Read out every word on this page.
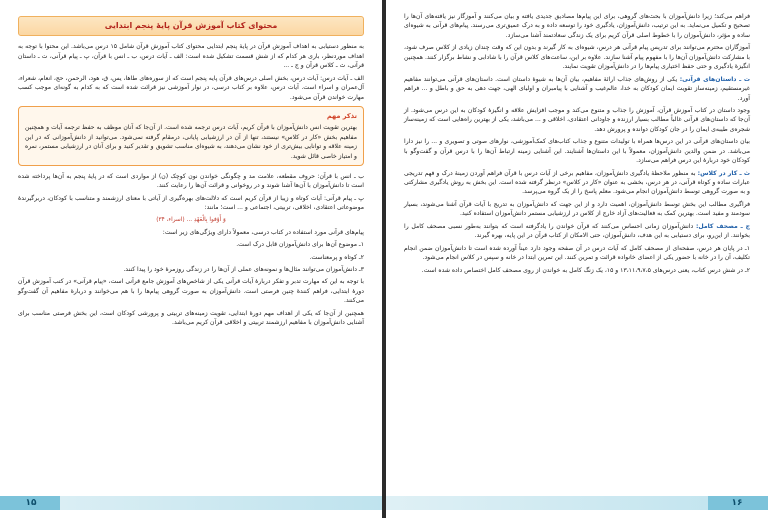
محتوای کتاب آموزش قرآن پایهٔ پنجم ابتدایی

به منظور دستیابی به اهداف آموزش قرآن در پایهٔ پنجم ابتدایی محتوای کتاب آموزش قرآن شامل ۱۵ درس می‌باشد. این محتوا با توجه به اهداف موردنظر، باری هر کدام که از شش قسمت تشکیل شده است: الف ـ آیات درس، ب ـ انس با قرآن، پ ـ پیام قرآنی، ت ـ داستان قرآنی، ث ـ کلاس قرآن و ج ـ ...

الف ـ آیات درس: آیات درس، بخش اصلی درس‌های قرآن پایه پنجم است که از سوره‌های طاها، یس، ق، هود، الرحمن، حج، انعام، شعراء، آل‌عمران و اسراء است. آیات درس، علاوه بر کتاب درسی، در نوار آموزشی نیز قرائت شده است که به کدام به گونه‌ای موجب کسب مهارت خواندن قرآن می‌شود.

تذکر مهم
بهترین تقویت انس دانش‌آموزان با قرآن کریم، آیات درس ترجمه شده است. از آن‌جا که آنان موظف به حفظ ترجمه آیات و همچنین مفاهیم بخش «کار در کلاس» نیستند، تنها از آن در ارزشیابی پایانی، درمقام گرفته نمی‌شود. می‌توانید از دانش‌آموزانی که در این زمینه علاقه و توانایی بیش‌تری از خود نشان می‌دهند، به شیوه‌ای مناسب تشویق و تقدیر کنید و برای آنان در ارزشیابی مستمر، نمره و امتیاز خاصی قائل شوید.

ب ـ انس با قرآن: حروف مقطعه، علامت مد و چگونگی خواندن نون کوچک (ن) از مواردی است که در پایهٔ پنجم به آن‌ها پرداخته شده است تا دانش‌آموزان با آن‌ها آشنا شوند و در روخوانی و قرائت آن‌ها را رعایت کنند.

پ ـ پیام قرآنی: آیات کوتاه و زیبا از قرآن کریم است که دلالت‌های بهره‌گیری از آیاتی با معنای ارزشمند و متناسب با کودکان، دربرگیرندهٔ موضوعاتی اعتقادی، اخلاقی، تربیتی، اجتماعی و ... است؛ مانند:

وَ أَوْفوا بِالْعَهْدِ ... (اسراء، ۳۴)

پیام‌های قرآنی مورد استفاده در کتاب درسی، معمولاً دارای ویژگی‌های زیر است:

۱ـ موضوع آن‌ها برای دانش‌آموزان قابل درک است.

۲ـ کوتاه و پرمعناست.

۳ـ دانش‌آموزان می‌توانند مثال‌ها و نمونه‌های عملی از آن‌ها را در زندگی روزمرهٔ خود را پیدا کنند.

با توجه به این که مهارت تدبر و تفکر دربارهٔ آیات قرآنی یکی از شاخص‌های آموزش جامع قرآنی است، «پیام قرآنی» در کتب آموزش قرآن دورهٔ ابتدایی، فراهم کنندهٔ چنین فرصتی است. دانش‌آموزان به صورت گروهی پیام‌ها را با هم می‌خوانند و دربارهٔ مفاهیم آن گفت‌وگو می‌کنند.

همچنین از آن‌جا که یکی از اهداف مهم دورهٔ ابتدایی، تقویت زمینه‌های تربیتی و پرورشی کودکان است، این بخش فرصتی مناسب برای آشنایی دانش‌آموزان با مفاهیم ارزشمند تربیتی و اخلاقی قرآن کریم می‌باشد.

۱۵

فراهم می‌کند؛ زیرا دانش‌آموزان با بحث‌های گروهی، برای این پیام‌ها مصادیق جدیدی یافته و بیان می‌کنند و آموزگار نیز یافته‌های آن‌ها را تصحیح و تکمیل می‌نماید. به این ترتیب، دانش‌آموزان، یادگیری خود را توسعه داده و به درک عمیق‌تری می‌رسند. پیام‌های قرآنی به شیوه‌ای ساده و مؤثر، دانش‌آموزان را با خطوط اصلی قرآن کریم برای یک زندگی سعادتمند آشنا می‌سازد.

آموزگاران محترم می‌توانند برای تدریس پیام قرآنی هر درس، شیوه‌ای به کار گیرند و بدون این که وقت چندان زیادی از کلاس صرف شود، با مشارکت دانش‌آموزان آن‌ها را با مفهوم پیام آشنا سازند. علاوه بر این، ساعت‌های کلاس قرآن را با شادابی و نشاط برگزار کنند. همچنین انگیزهٔ یادگیری و حتی حفظ اختیاری پیام‌ها را در دانش‌آموزان تقویت نمایند.

ت ـ داستان‌های قرآنی: یکی از روش‌های جذاب ارائهٔ مفاهیم، بیان آن‌ها به شیوهٔ داستان است. داستان‌های قرآنی می‌توانند مفاهیم غیرمستقیم، زمینه‌ساز تقویت ایمان کودکان به خدا، عالم‌غیب و آشنایی با پیامبران و اولیای الهی، جهت دهی به حق و باطل و ... فراهم آورد.

وجود داستان در کتاب آموزش قرآن، آموزش را جذاب و متنوع می‌کند و موجب افزایش علاقه و انگیزهٔ کودکان به این درس می‌شود. از آن‌جا که داستان‌های قرآنی غالباً مطالب بسیار ارزنده و جاودانی اعتقادی، اخلاقی و ... می‌باشد، یکی از بهترین راه‌هایی است که زمینه‌ساز شجره‌ی طیبه‌ی ایمان را در جان کودکان دوانده و پرورش دهد.

بیان داستان‌های قرآنی در این درس‌ها همراه با تولیدات متنوع و جذاب کتاب‌های کمک‌آموزشی، نوارهای صوتی و تصویری و ... را نیز دارا می‌باشد. در ضمن والدین دانش‌آموزان، معمولاً با این داستان‌ها آشنایند. این آشنایی زمینه ارتباط آن‌ها را با درس قرآن و گفت‌وگو با کودکان خود دربارهٔ این درس فراهم می‌سازد.

ث ـ کار در کلاس: به منظور ملاحظهٔ یادگیری دانش‌آموزان، مفاهیم برخی از آیات درس با قرآن فراهم آوردن زمینهٔ درک و فهم تدریجی عبارات ساده و کوتاه قرآنی، در هر درس، بخشی به عنوان «کار در کلاس» درنظر گرفته شده است. این بخش به روش یادگیری مشارکتی و به صورت گروهی توسط دانش‌آموزان انجام می‌شود. معلم پاسخ را از یک گروه می‌پرسد.

فراگیری مطالب این بخش توسط دانش‌آموزان، اهمیت دارد و از این جهت که دانش‌آموزان به تدریج با آیات قرآن آشنا می‌شوند، بسیار سودمند و مفید است. بهترین کمک به فعالیت‌های آزاد خارج از کلاس در ارزشیابی مستمر دانش‌آموزان استفاده کنید.

ج ـ مصحف کامل: دانش‌آموزان زمانی احساس می‌کنند که قرآن خواندن را یادگرفته است که بتوانند به‌طور نسبی مصحف کامل را بخوانند. از این‌رو، برای دستیابی به این هدف، دانش‌آموزان، حتی الامکان از کتاب قرآن در این پایه، بهره گیرند.

۱ـ در پایان هر درس، صفحه‌ای از مصحف کامل که آیات درس در آن صفحه وجود دارد عیناً آورده شده است تا دانش‌آموزان ضمن انجام تکلیف، آن را در خانه با حضور یکی از اعضای خانواده قرائت و تمرین کنند. این تمرین ابتدا در خانه و سپس در کلاس انجام می‌شود.

۲ـ در شش درس کتاب، یعنی درس‌های ۱۳،۱۱،۹،۷،۵ و ۱۵، یک زنگ کامل به خواندن از روی مصحف کامل اختصاص داده شده است.

۱۶
